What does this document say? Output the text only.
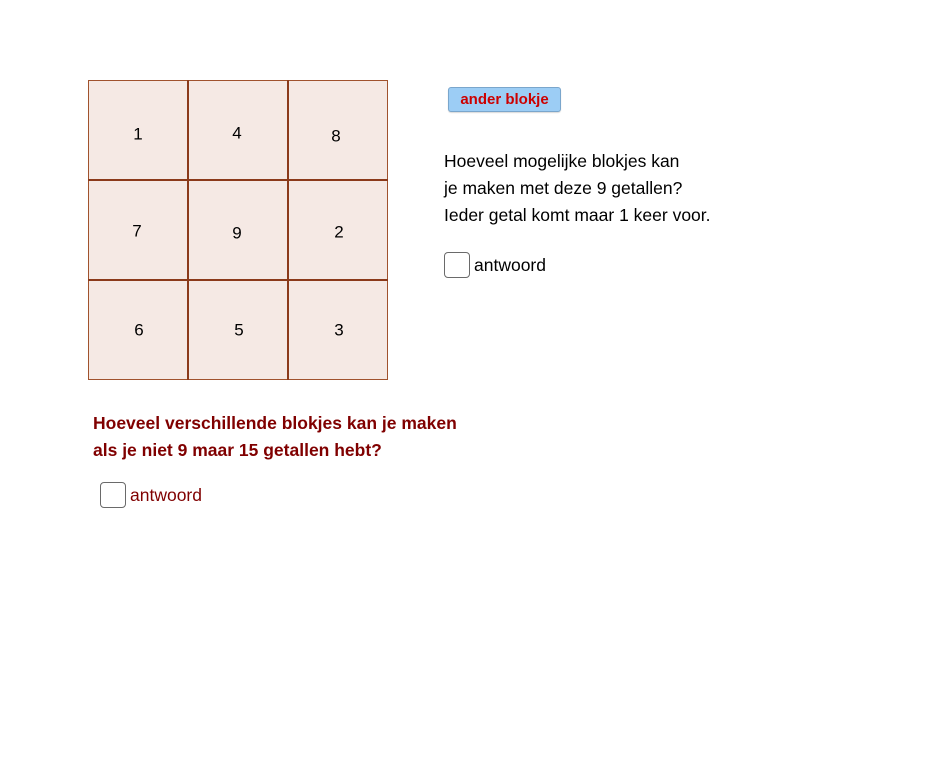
1	4	8
7	9	2
6	5	3
ander blokje
Hoeveel mogelijke blokjes kan
je maken met deze 9 getallen?
Ieder getal komt maar 1 keer voor.
antwoord
Hoeveel verschillende blokjes kan je maken
als je niet 9 maar 15 getallen hebt?
antwoord
